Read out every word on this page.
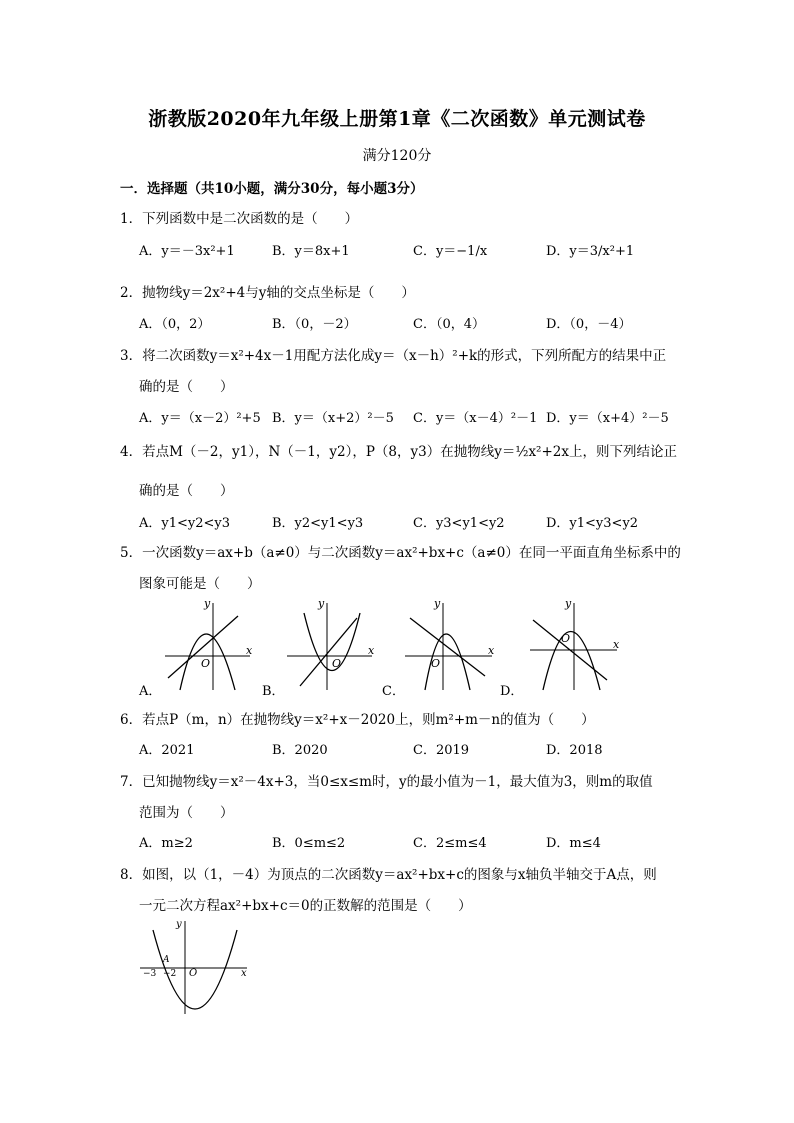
浙教版2020年九年级上册第1章《二次函数》单元测试卷
满分120分
一．选择题（共10小题，满分30分，每小题3分）
1．下列函数中是二次函数的是（　　）
A．y＝－3x²+1	B．y＝8x+1	C．y＝−1/x	D．y＝3/x²+1
2．抛物线y＝2x²+4与y轴的交点坐标是（　　）
A．（0，2）	B．（0，－2）	C．（0，4）	D．（0，－4）
3．将二次函数y＝x²+4x－1用配方法化成y＝（x－h）²+k的形式，下列所配方的结果中正
确的是（　　）
A．y＝（x－2）²+5 B．y＝（x+2）²－5 C．y＝（x－4）²－1 D．y＝（x+4）²－5
4．若点M（－2，y1），N（－1，y2），P（8，y3）在抛物线y＝½x²+2x上，则下列结论正
确的是（　　）
A．y1<y2<y3	B．y2<y1<y3	C．y3<y1<y2	D．y1<y3<y2
5．一次函数y＝ax+b（a≠0）与二次函数y＝ax²+bx+c（a≠0）在同一平面直角坐标系中的
图象可能是（　　）
y
x
O
A．
y
x
O
B．
y
x
O
C．
y
x
O
D．
6．若点P（m，n）在抛物线y＝x²+x－2020上，则m²+m－n的值为（　　）
A．2021	B．2020	C．2019	D．2018
7．已知抛物线y＝x²－4x+3，当0≤x≤m时，y的最小值为－1，最大值为3，则m的取值
范围为（　　）
A．m≥2	B．0≤m≤2	C．2≤m≤4	D．m≤4
8．如图，以（1，－4）为顶点的二次函数y＝ax²+bx+c的图象与x轴负半轴交于A点，则
一元二次方程ax²+bx+c＝0的正数解的范围是（　　）
y
x
O
A
−3 −2
